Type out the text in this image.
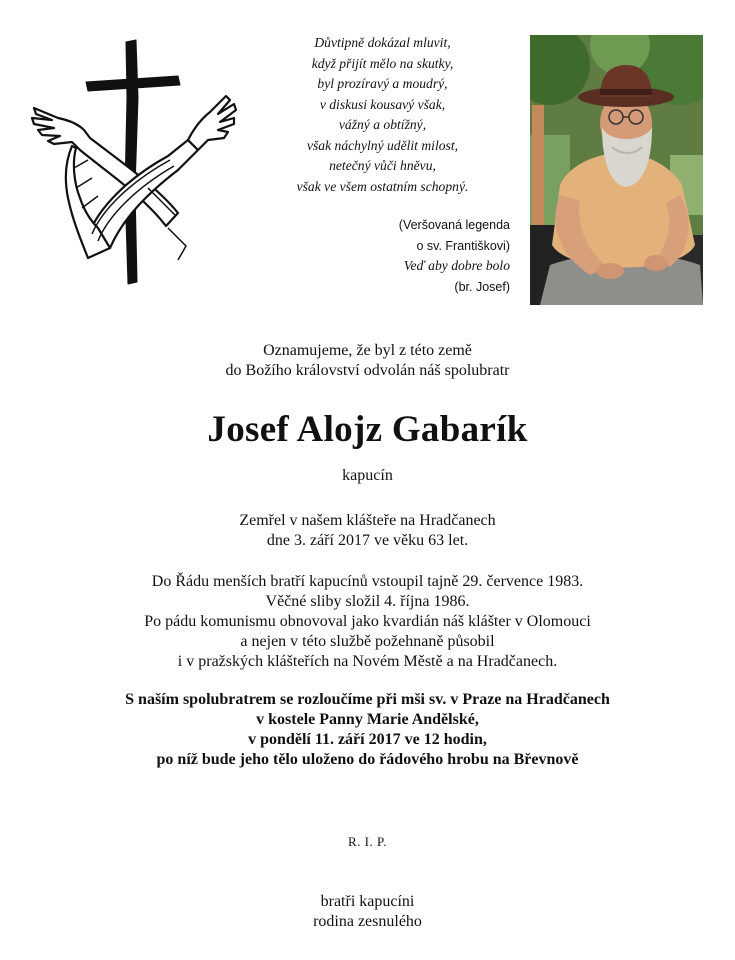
Důvtipně dokázal mluvit,
když přijít mělo na skutky,
byl prozíravý a moudrý,
v diskusi kousavý však,
vážný a obtížný,
však náchylný udělit milost,
netečný vůči hněvu,
však ve všem ostatním schopný.
(Veršovaná legenda
o sv. Františkovi)
Veď aby dobre bolo
(br. Josef)
Oznamujeme, že byl z této země
do Božího království odvolán náš spolubratr
Josef Alojz Gabarík
kapucín
Zemřel v našem klášteře na Hradčanech
dne 3. září 2017 ve věku 63 let.
Do Řádu menších bratří kapucínů vstoupil tajně 29. července 1983.
Věčné sliby složil 4. října 1986.
Po pádu komunismu obnovoval jako kvardián náš klášter v Olomouci
a nejen v této službě požehnaně působil
i v pražských klášteřích na Novém Městě a na Hradčanech.
S naším spolubratrem se rozloučíme při mši sv. v Praze na Hradčanech
v kostele Panny Marie Andělské,
v pondělí 11. září 2017 ve 12 hodin,
po níž bude jeho tělo uloženo do řádového hrobu na Břevnově
R. I. P.
bratři kapucíni
rodina zesnulého
